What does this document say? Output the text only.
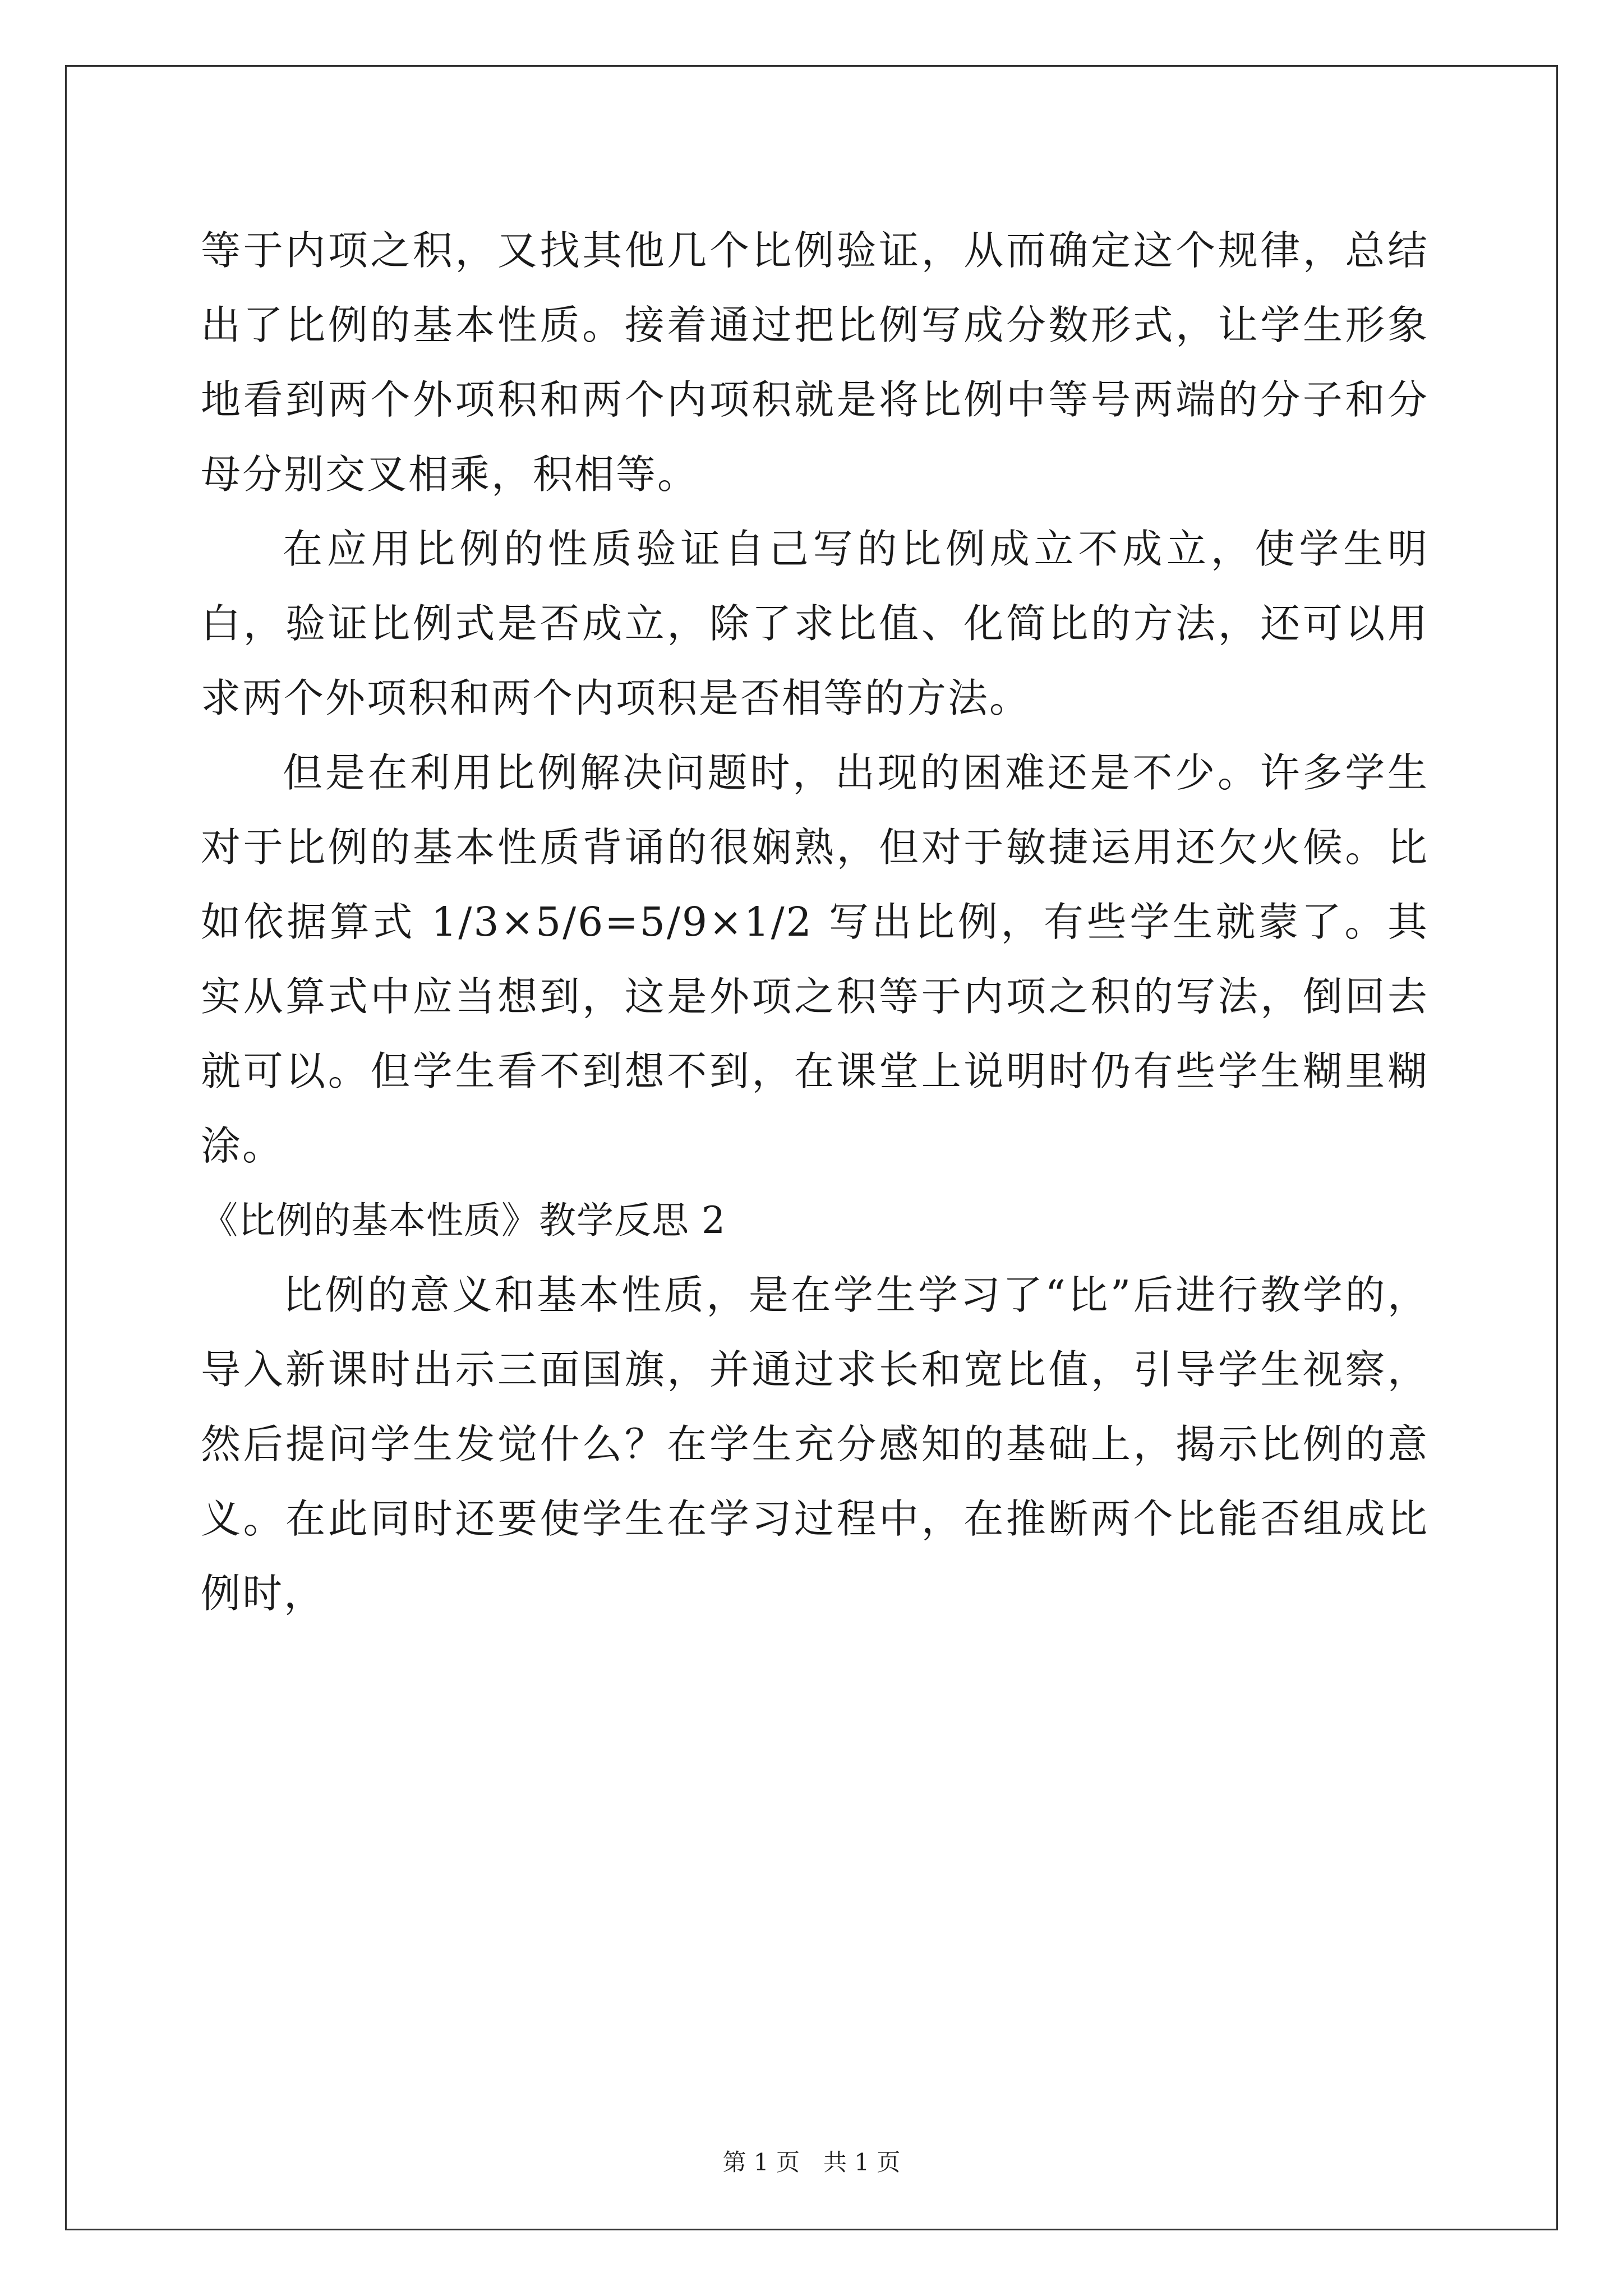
等于内项之积，又找其他几个比例验证，从而确定这个规律，总结出了比例的基本性质。接着通过把比例写成分数形式，让学生形象地看到两个外项积和两个内项积就是将比例中等号两端的分子和分母分别交叉相乘，积相等。

在应用比例的性质验证自己写的比例成立不成立，使学生明白，验证比例式是否成立，除了求比值、化简比的方法，还可以用求两个外项积和两个内项积是否相等的方法。

但是在利用比例解决问题时，出现的困难还是不少。许多学生对于比例的基本性质背诵的很娴熟，但对于敏捷运用还欠火候。比如依据算式 1/3×5/6=5/9×1/2 写出比例，有些学生就蒙了。其实从算式中应当想到，这是外项之积等于内项之积的写法，倒回去就可以。但学生看不到想不到，在课堂上说明时仍有些学生糊里糊涂。

《比例的基本性质》教学反思 2

比例的意义和基本性质，是在学生学习了“比”后进行教学的，导入新课时出示三面国旗，并通过求长和宽比值，引导学生视察，然后提问学生发觉什么？在学生充分感知的基础上，揭示比例的意义。在此同时还要使学生在学习过程中，在推断两个比能否组成比例时，

第 1 页　共 1 页
